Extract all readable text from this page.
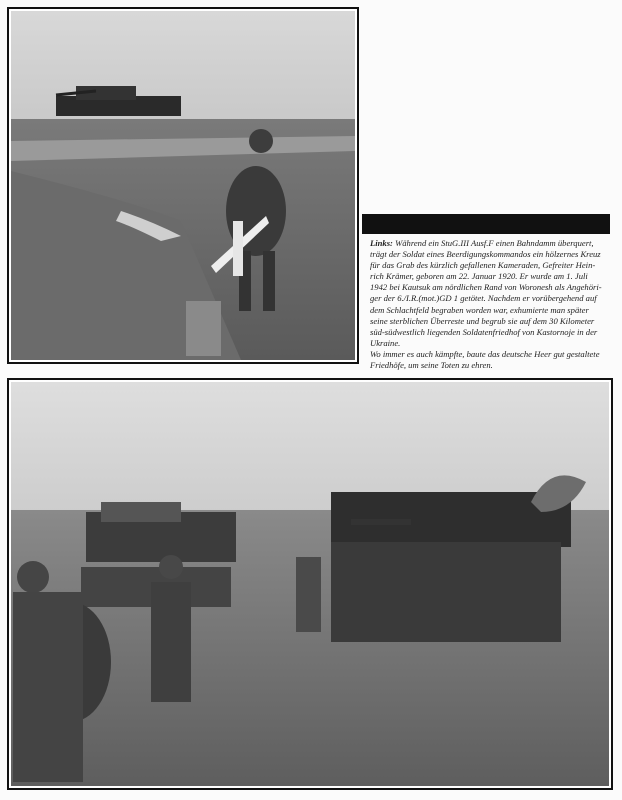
Links: Während ein StuG.III Ausf.F einen Bahndamm überquert,
trägt der Soldat eines Beerdigungskommandos ein hölzernes Kreuz
für das Grab des kürzlich gefallenen Kameraden, Gefreiter Hein-
rich Krämer, geboren am 22. Januar 1920. Er wurde am 1. Juli
1942 bei Kautsuk am nördlichen Rand von Woronesh als Angehöri-
ger der 6./I.R.(mot.)GD 1 getötet. Nachdem er vorübergehend auf
dem Schlachtfeld begraben worden war, exhumierte man später
seine sterblichen Überreste und begrub sie auf dem 30 Kilometer
süd-südwestlich liegenden Soldatenfriedhof von Kastornoje in der
Ukraine.
Wo immer es auch kämpfte, baute das deutsche Heer gut gestaltete
Friedhöfe, um seine Toten zu ehren.
